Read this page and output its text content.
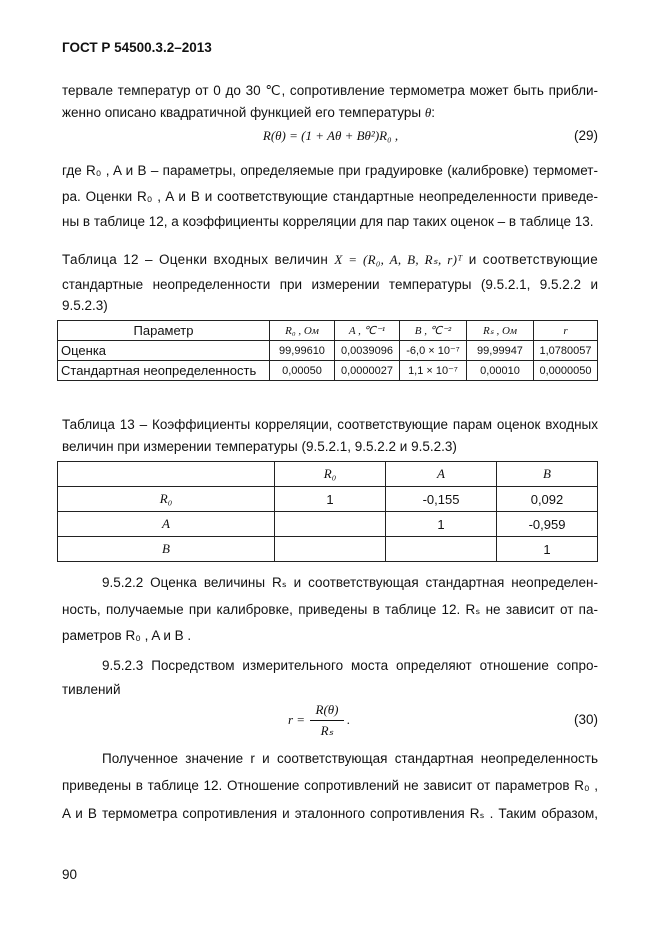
ГОСТ Р 54500.3.2–2013
тервале температур от 0 до 30 ℃, сопротивление термометра может быть прибли-
женно описано квадратичной функцией его температуры θ:
R(θ) = (1 + Aθ + Bθ²)R₀ ,	(29)
где R₀ , A и B – параметры, определяемые при градуировке (калибровке) термомет-
ра. Оценки R₀ , A и B и соответствующие стандартные неопределенности приведе-
ны в таблице 12, а коэффициенты корреляции для пар таких оценок – в таблице 13.
Таблица 12 – Оценки входных величин X = (R₀, A, B, Rₛ, r)ᵀ и соответствующие
стандартные неопределенности при измерении температуры (9.5.2.1, 9.5.2.2 и
9.5.2.3)
Параметр	R₀ , Ом	A , ℃⁻¹	B , ℃⁻²	Rₛ , Ом	r
Оценка	99,99610	0,0039096	-6,0 × 10⁻⁷	99,99947	1,0780057
Стандартная неопределенность	0,00050	0,0000027	1,1 × 10⁻⁷	0,00010	0,0000050
Таблица 13 – Коэффициенты корреляции, соответствующие парам оценок входных
величин при измерении температуры (9.5.2.1, 9.5.2.2 и 9.5.2.3)
	R₀	A	B
R₀	1	-0,155	0,092
A		1	-0,959
B			1
9.5.2.2 Оценка величины Rₛ и соответствующая стандартная неопределен-
ность, получаемые при калибровке, приведены в таблице 12. Rₛ не зависит от па-
раметров R₀ , A и B .
9.5.2.3 Посредством измерительного моста определяют отношение сопро-
тивлений
r =
R(θ)
Rₛ
.	(30)
Полученное значение r и соответствующая стандартная неопределенность
приведены в таблице 12. Отношение сопротивлений не зависит от параметров R₀ ,
A и B термометра сопротивления и эталонного сопротивления Rₛ . Таким образом,
90
